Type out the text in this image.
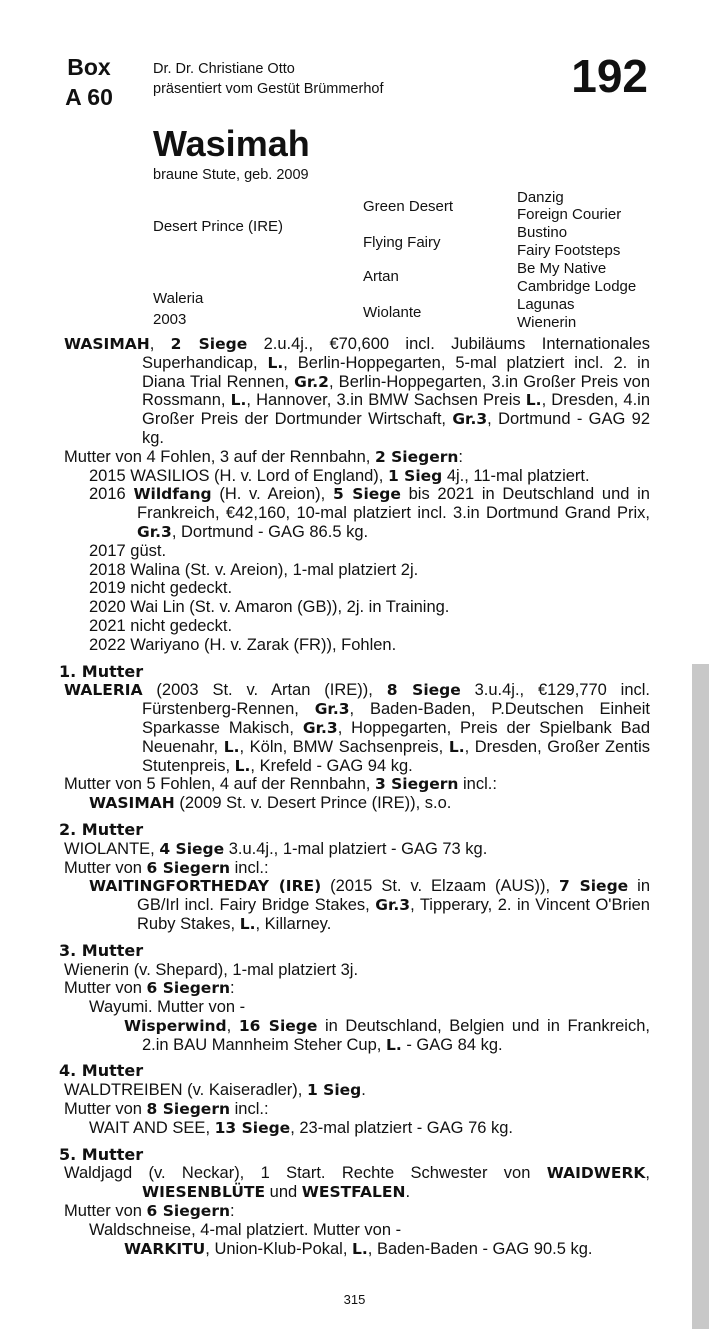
Box
A 60
Dr. Dr. Christiane Otto
präsentiert vom Gestüt Brümmerhof	192
Wasimah
braune Stute, geb. 2009
Desert Prince (IRE)
Waleria
2003
Green Desert
Flying Fairy
Artan
Wiolante
Danzig
Foreign Courier
Bustino
Fairy Footsteps
Be My Native
Cambridge Lodge
Lagunas
Wienerin

WASIMAH, 2 Siege 2.u.4j., €70,600 incl. Jubiläums Internationales Superhandicap, L., Berlin-Hoppegarten, 5-mal platziert incl. 2. in Diana Trial Rennen, Gr.2, Berlin-Hoppegarten, 3.in Großer Preis von Rossmann, L., Hannover, 3.in BMW Sachsen Preis L., Dresden, 4.in Großer Preis der Dortmunder Wirtschaft, Gr.3, Dortmund - GAG 92 kg.

Mutter von 4 Fohlen, 3 auf der Rennbahn, 2 Siegern:

2015 WASILIOS (H. v. Lord of England), 1 Sieg 4j., 11-mal platziert.

2016 Wildfang (H. v. Areion), 5 Siege bis 2021 in Deutschland und in Frankreich, €42,160, 10-mal platziert incl. 3.in Dortmund Grand Prix, Gr.3, Dortmund - GAG 86.5 kg.

2017 güst.

2018 Walina (St. v. Areion), 1-mal platziert 2j.

2019 nicht gedeckt.

2020 Wai Lin (St. v. Amaron (GB)), 2j. in Training.

2021 nicht gedeckt.

2022 Wariyano (H. v. Zarak (FR)), Fohlen.

1. Mutter

WALERIA (2003 St. v. Artan (IRE)), 8 Siege 3.u.4j., €129,770 incl. Fürstenberg-Rennen, Gr.3, Baden-Baden, P.Deutschen Einheit Sparkasse Makisch, Gr.3, Hoppegarten, Preis der Spielbank Bad Neuenahr, L., Köln, BMW Sachsenpreis, L., Dresden, Großer Zentis Stutenpreis, L., Krefeld - GAG 94 kg.

Mutter von 5 Fohlen, 4 auf der Rennbahn, 3 Siegern incl.:

WASIMAH (2009 St. v. Desert Prince (IRE)), s.o.

2. Mutter

WIOLANTE, 4 Siege 3.u.4j., 1-mal platziert - GAG 73 kg.

Mutter von 6 Siegern incl.:

WAITINGFORTHEDAY (IRE) (2015 St. v. Elzaam (AUS)), 7 Siege in GB/Irl incl. Fairy Bridge Stakes, Gr.3, Tipperary, 2. in Vincent O'Brien Ruby Stakes, L., Killarney.

3. Mutter

Wienerin (v. Shepard), 1-mal platziert 3j.

Mutter von 6 Siegern:

Wayumi. Mutter von -

Wisperwind, 16 Siege in Deutschland, Belgien und in Frankreich, 2.in BAU Mannheim Steher Cup, L. - GAG 84 kg.

4. Mutter

WALDTREIBEN (v. Kaiseradler), 1 Sieg.

Mutter von 8 Siegern incl.:

WAIT AND SEE, 13 Siege, 23-mal platziert - GAG 76 kg.

5. Mutter

Waldjagd (v. Neckar), 1 Start. Rechte Schwester von WAIDWERK, WIESENBLÜTE und WESTFALEN.

Mutter von 6 Siegern:

Waldschneise, 4-mal platziert. Mutter von -

WARKITU, Union-Klub-Pokal, L., Baden-Baden - GAG 90.5 kg.

315
